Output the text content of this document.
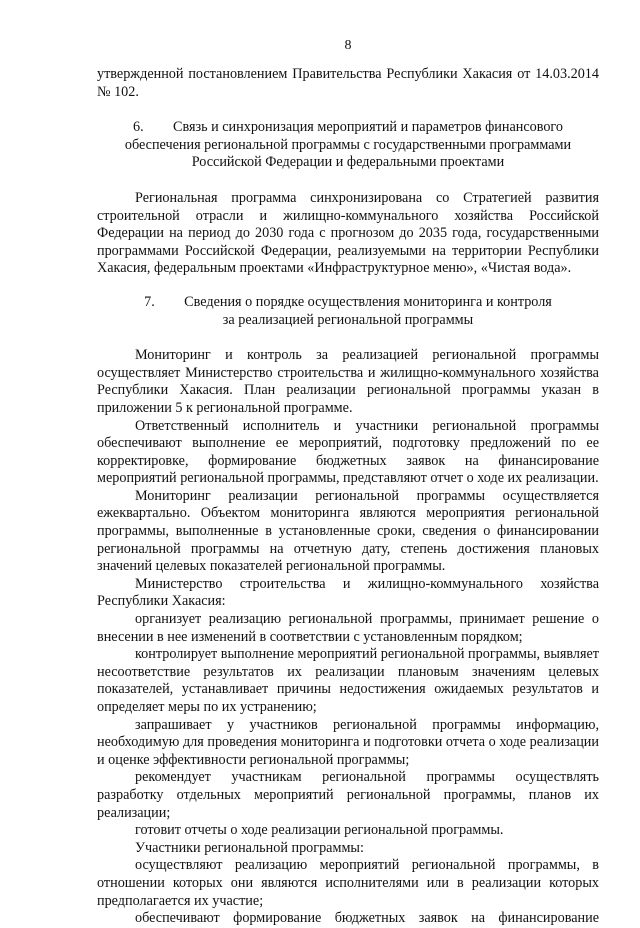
8

утвержденной постановлением Правительства Республики Хакасия от 14.03.2014 № 102.

6. Связь и синхронизация мероприятий и параметров финансового

обеспечения региональной программы с государственными программами

Российской Федерации и федеральными проектами

Региональная программа синхронизирована со Стратегией развития строительной отрасли и жилищно-коммунального хозяйства Российской Федерации на период до 2030 года с прогнозом до 2035 года, государственными программами Российской Федерации, реализуемыми на территории Республики Хакасия, федеральным проектами «Инфраструктурное меню», «Чистая вода».

7. Сведения о порядке осуществления мониторинга и контроля

за реализацией региональной программы

Мониторинг и контроль за реализацией региональной программы осуществляет Министерство строительства и жилищно-коммунального хозяйства Республики Хакасия. План реализации региональной программы указан в приложении 5 к региональной программе.

Ответственный исполнитель и участники региональной программы обеспечивают выполнение ее мероприятий, подготовку предложений по ее корректировке, формирование бюджетных заявок на финансирование мероприятий региональной программы, представляют отчет о ходе их реализации.

Мониторинг реализации региональной программы осуществляется ежеквартально. Объектом мониторинга являются мероприятия региональной программы, выполненные в установленные сроки, сведения о финансировании региональной программы на отчетную дату, степень достижения плановых значений целевых показателей региональной программы.

Министерство строительства и жилищно-коммунального хозяйства Республики Хакасия:

организует реализацию региональной программы, принимает решение о внесении в нее изменений в соответствии с установленным порядком;

контролирует выполнение мероприятий региональной программы, выявляет несоответствие результатов их реализации плановым значениям целевых показателей, устанавливает причины недостижения ожидаемых результатов и определяет меры по их устранению;

запрашивает у участников региональной программы информацию, необходимую для проведения мониторинга и подготовки отчета о ходе реализации и оценке эффективности региональной программы;

рекомендует участникам региональной программы осуществлять разработку отдельных мероприятий региональной программы, планов их реализации;

готовит отчеты о ходе реализации региональной программы.

Участники региональной программы:

осуществляют реализацию мероприятий региональной программы, в отношении которых они являются исполнителями или в реализации которых предполагается их участие;

обеспечивают формирование бюджетных заявок на финансирование
